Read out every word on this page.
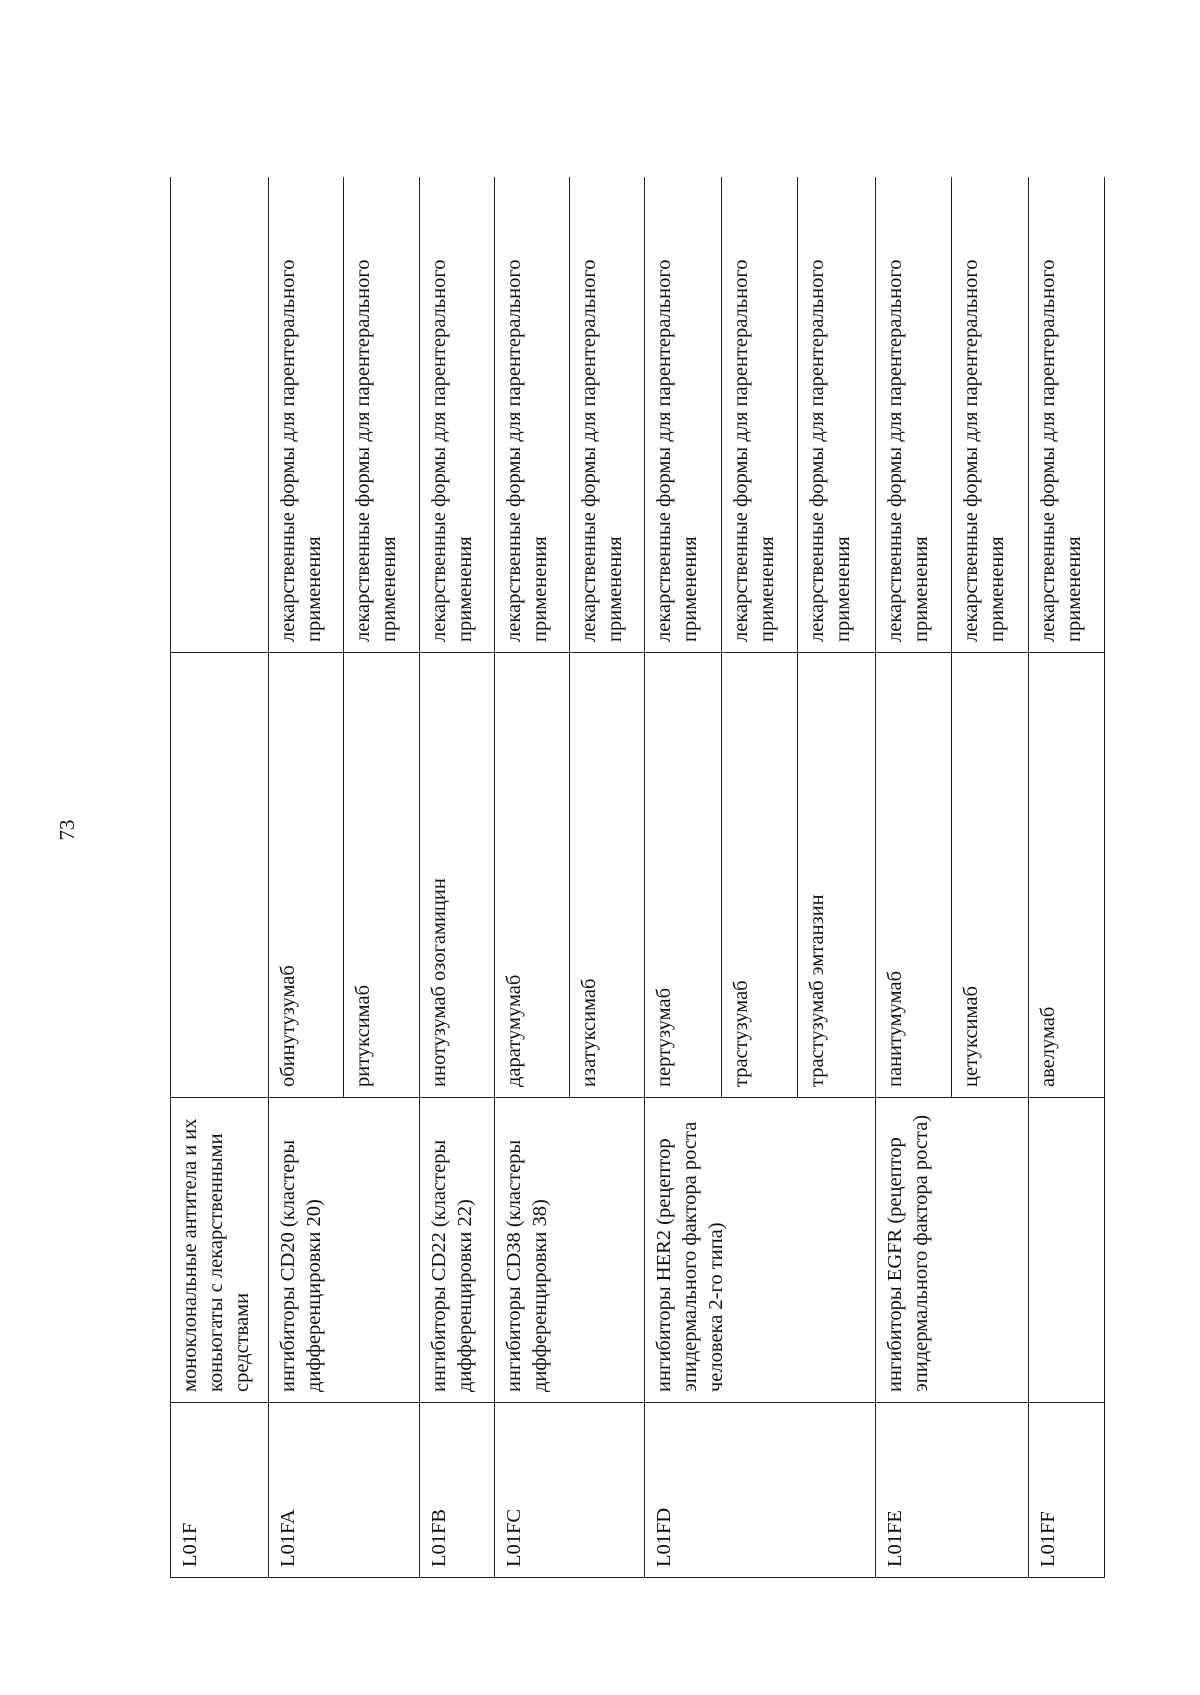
73
L01F	моноклональные антитела и их коньюгаты с лекарственными средствами		
L01FA	ингибиторы CD20 (кластеры дифференцировки 20)	обинутузумаб	лекарственные формы для парентерального применения
		ритуксимаб	лекарственные формы для парентерального применения
L01FB	ингибиторы CD22 (кластеры дифференцировки 22)	инотузумаб озогамицин	лекарственные формы для парентерального применения
L01FC	ингибиторы CD38 (кластеры дифференцировки 38)	даратумумаб	лекарственные формы для парентерального применения
		изатуксимаб	лекарственные формы для парентерального применения
L01FD	ингибиторы HER2 (рецептор эпидермального фактора роста человека 2-го типа)	пертузумаб	лекарственные формы для парентерального применения
		трастузумаб	лекарственные формы для парентерального применения
		трастузумаб эмтанзин	лекарственные формы для парентерального применения
L01FE	ингибиторы EGFR (рецептор эпидермального фактора роста)	панитумумаб	лекарственные формы для парентерального применения
		цетуксимаб	лекарственные формы для парентерального применения
L01FF		авелумаб	лекарственные формы для парентерального применения
